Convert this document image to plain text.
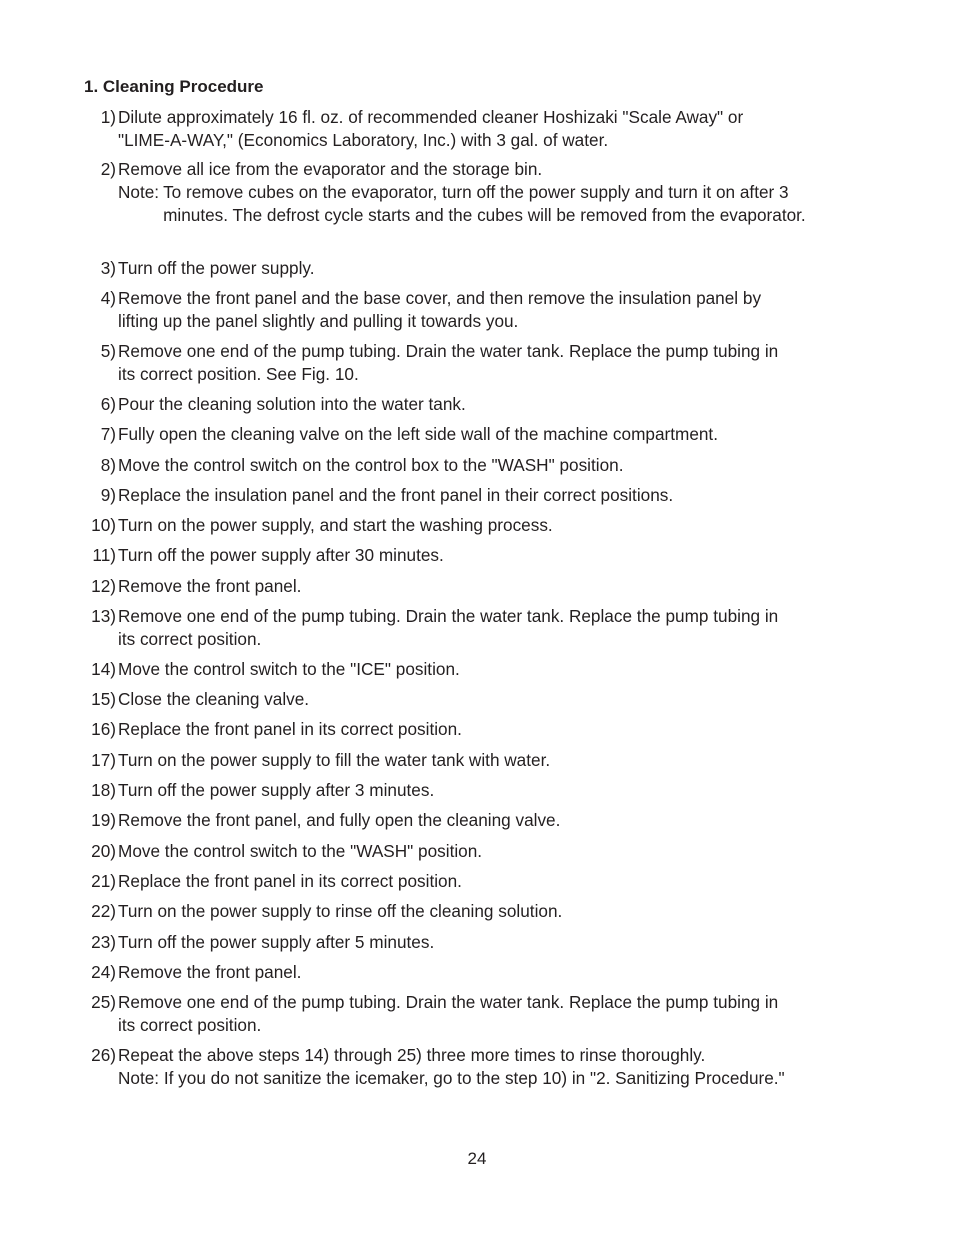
1. Cleaning Procedure
1) Dilute approximately 16 fl. oz. of recommended cleaner Hoshizaki "Scale Away" or
"LIME-A-WAY," (Economics Laboratory, Inc.) with 3 gal. of water.
2) Remove all ice from the evaporator and the storage bin.
Note: To remove cubes on the evaporator, turn off the power supply and turn it on after 3 minutes. The defrost cycle starts and the cubes will be removed from the evaporator.
3) Turn off the power supply.
4) Remove the front panel and the base cover, and then remove the insulation panel by
lifting up the panel slightly and pulling it towards you.
5) Remove one end of the pump tubing. Drain the water tank. Replace the pump tubing in
its correct position. See Fig. 10.
6) Pour the cleaning solution into the water tank.
7) Fully open the cleaning valve on the left side wall of the machine compartment.
8) Move the control switch on the control box to the "WASH" position.
9) Replace the insulation panel and the front panel in their correct positions.
10) Turn on the power supply, and start the washing process.
11) Turn off the power supply after 30 minutes.
12) Remove the front panel.
13) Remove one end of the pump tubing. Drain the water tank. Replace the pump tubing in
its correct position.
14) Move the control switch to the "ICE" position.
15) Close the cleaning valve.
16) Replace the front panel in its correct position.
17) Turn on the power supply to fill the water tank with water.
18) Turn off the power supply after 3 minutes.
19) Remove the front panel, and fully open the cleaning valve.
20) Move the control switch to the "WASH" position.
21) Replace the front panel in its correct position.
22) Turn on the power supply to rinse off the cleaning solution.
23) Turn off the power supply after 5 minutes.
24) Remove the front panel.
25) Remove one end of the pump tubing. Drain the water tank. Replace the pump tubing in
its correct position.
26) Repeat the above steps 14) through 25) three more times to rinse thoroughly.
Note: If you do not sanitize the icemaker, go to the step 10) in "2. Sanitizing Procedure."
24
